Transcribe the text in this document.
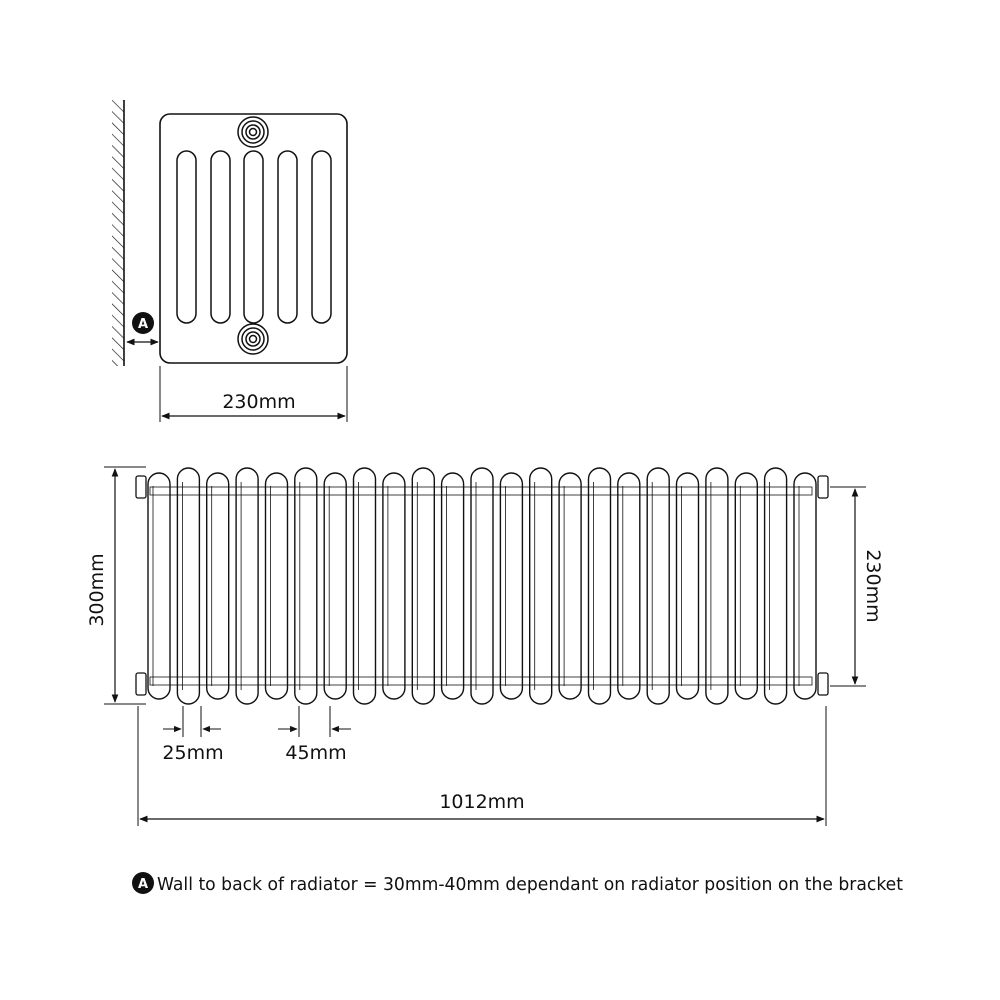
A
230mm
300mm	230mm
25mm	45mm
1012mm
A Wall to back of radiator = 30mm-40mm dependant on radiator position on the bracket
